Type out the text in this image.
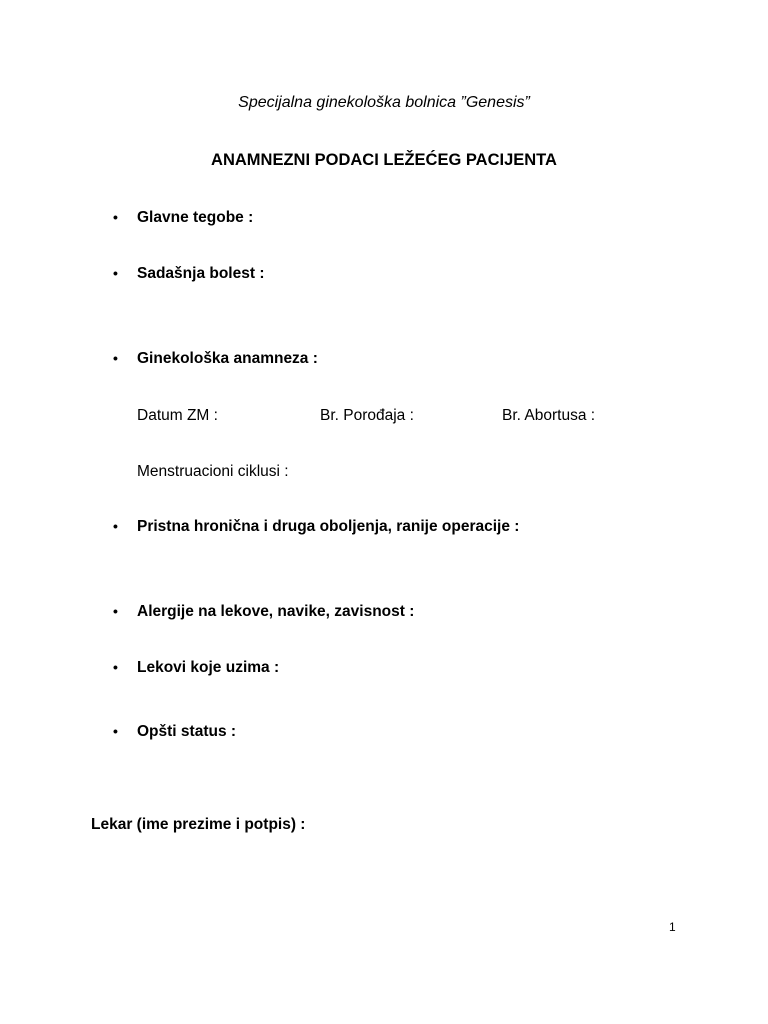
Specijalna ginekološka bolnica ”Genesis”
ANAMNEZNI PODACI LEŽEĆEG PACIJENTA
• Glavne tegobe :
• Sadašnja bolest :
• Ginekološka anamneza :
Datum ZM :	Br. Porođaja :	Br. Abortusa :
Menstruacioni ciklusi :
• Pristna hronična i druga oboljenja, ranije operacije :
• Alergije na lekove, navike, zavisnost :
• Lekovi koje uzima :
• Opšti status :
Lekar (ime prezime i potpis) :
1
